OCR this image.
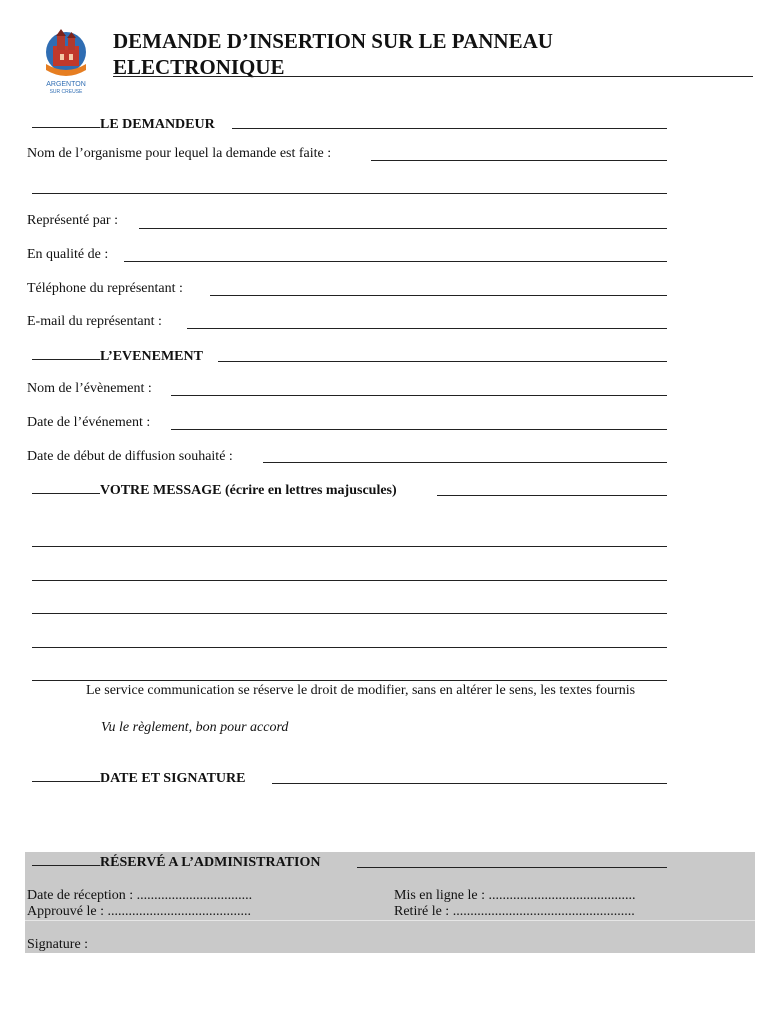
ARGENTON
SUR CREUSE
DEMANDE D’INSERTION SUR LE PANNEAU
ELECTRONIQUE
LE DEMANDEUR
Nom de l’organisme pour lequel la demande est faite :
Représenté par :
En qualité de :
Téléphone du représentant :
E-mail du représentant :
L’EVENEMENT
Nom de l’évènement :
Date de l’événement :
Date de début de diffusion souhaité :
VOTRE MESSAGE (écrire en lettres majuscules)
Le service communication se réserve le droit de modifier, sans en altérer le sens, les textes fournis
Vu le règlement, bon pour accord
DATE ET SIGNATURE
RÉSERVÉ A L’ADMINISTRATION
Date de réception : .................................
Approuvé le : .........................................
Mis en ligne le : ..........................................
Retiré le : ....................................................
Signature :
